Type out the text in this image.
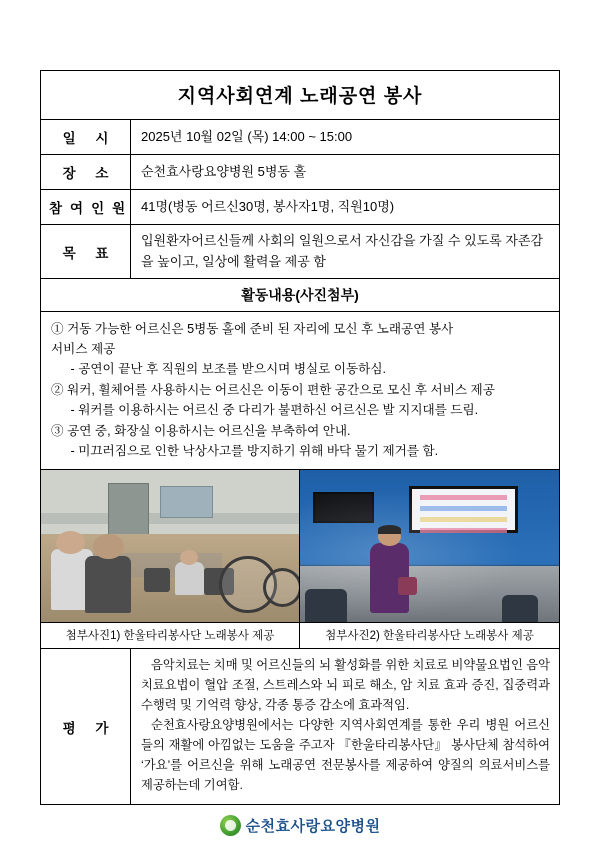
지역사회연계 노래공연 봉사	
일 시	2025년 10월 02일 (목) 14:00 ~ 15:00
장 소	순천효사랑요양병원 5병동 홀
참여인원	41명(병동 어르신30명, 봉사자1명, 직원10명)
목 표	입원환자어르신들께 사회의 일원으로서 자신감을 가질 수 있도록 자존감을 높이고, 일상에 활력을 제공 함
활동내용(사진첨부)	

① 거동 가능한 어르신은 5병동 홀에 준비 된 자리에 모신 후 노래공연 봉사
서비스 제공
- 공연이 끝난 후 직원의 보조를 받으시며 병실로 이동하심.
② 워커, 휠체어를 사용하시는 어르신은 이동이 편한 공간으로 모신 후 서비스 제공
- 워커를 이용하시는 어르신 중 다리가 불편하신 어르신은 발 지지대를 드림.
③ 공연 중, 화장실 이용하시는 어르신을 부축하여 안내.
- 미끄러짐으로 인한 낙상사고를 방지하기 위해 바닥 물기 제거를 함.

첨부사진1) 한울타리봉사단 노래봉사 제공 첨부사진2) 한울타리봉사단 노래봉사 제공	

평 가	음악치료는 치매 및 어르신들의 뇌 활성화를 위한 치료로 비약물요법인 음악치료요법이 혈압 조절, 스트레스와 뇌 피로 해소, 암 치료 효과 증진, 집중력과 수행력 및 기억력 향상, 각종 통증 감소에 효과적임.
순천효사랑요양병원에서는 다양한 지역사회연계를 통한 우리 병원 어르신들의 재활에 아낌없는 도움을 주고자 『한울타리봉사단』 봉사단체 참석하여 ‘가요’를 어르신을 위해 노래공연 전문봉사를 제공하여 양질의 의료서비스를 제공하는데 기여함.
순천효사랑요양병원
